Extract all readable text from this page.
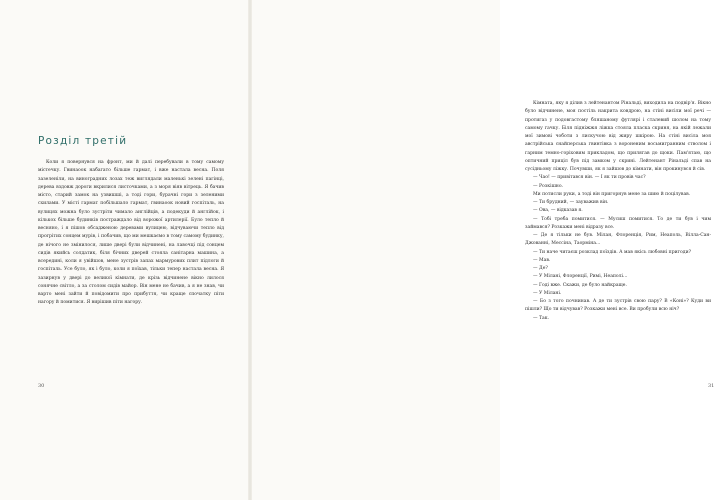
Розділ третій

Коли я повернувся на фронт, ми й далі перебували в тому самому містечку. Гвинаоок набагато більше гармат, і вже настала весна. Поля зазеленіли, на виноградних лозах теж виглядали маленькі зелені пагінці, дерева вздовж дороги вкрилися листочками, а з моря віяв вітрець. Я бачив місто, старий замок на узвишші, а тоді гори, бурачні гори з зеленими схилами. У місті гармат побільшало гармат, гвинаоок новий госпіталь, на вулицях можна було зустріти чимало англійців, а подекуди й англійок, і кількох більше будинків постраждало від ворожої артилерії. Було тепло й весняно, і я пішов обсадженою деревами вулицею, відчуваючи тепло від прогрітих сонцем мурів, і побачив, що ми мешкаємо в тому самому будинку, де нічого не змінилося, лише двері були відчинені, на лавочці під сонцем сидів якийсь солдатик, біля бічних дверей стояла санітарна машина, а всередині, коли я увійшов, мене зустрів запах мармурових плит підлоги й госпіталь. Усе було, як і було, коли я поїхав, тільки тепер настала весна. Я зазирнув у двері до великої кімнати, де крізь відчинене вікно лилося сонячне світло, а за столом сидів майор. Він мене не бачив, а я не знав, чи варто мені зайти й повідомити про прибуття, чи краще спочатку піти нагору й помитися. Я вирішив піти нагору.

30

Кімната, яку я ділив з лейтенантом Рінальді, виходила на подвір'я. Вікно було відчинене, моя постіль накрита ковдрою, на стіні висіли мої речі — протигаз у подовгастому бляшаному футлярі і сталевий шолом на тому самому гачку. Біля підніжжя ліжка стояла пласка скриня, на якій лежали мої зимові чоботи з лискучою від жиру шкірою. На стіні висіла моя австрійська снайперська гвинтівка з вороненим восьмигранним стволом і гарним темно-горіховим прикладом, що прилягав до щоки. Пам'ятаю, що оптичний приціл був під замком у скрині. Лейтенант Рінальді спав на сусідньому ліжку. Почувши, як я зайшов до кімнати, він прокинувся й сів.

— Чао! — привітався він. — І як ти провів час?

— Розкішно.

Ми потисли руки, а тоді він пригорнув мене за шию й поцілував.

— Ти брудний, — зауважив він.

— Ова, — відказав я.

— Тобі треба помитися. — Мусиш помитися. То де ти був і чим займався? Розкажи мені відразу все.

— Де я тільки не був. Мілан, Флоренція, Рим, Неаполь, Вілла-Сан-Джованні, Мессіна, Таорміна...

— Ти наче читаєш розклад поїздів. А мав якісь любовні пригоди?

— Мав.

— Де?

— У Мілані, Флоренції, Римі, Неаполі...

— Годі вже. Скажи, де було найкраще.

— У Мілані.

— Бо з того почнинав. А де ти зустрів свою пару? В «Коні»? Куди ви пішли? Що ти відчував? Розкажи мені все. Ви пробули всю ніч?

— Так.

31
